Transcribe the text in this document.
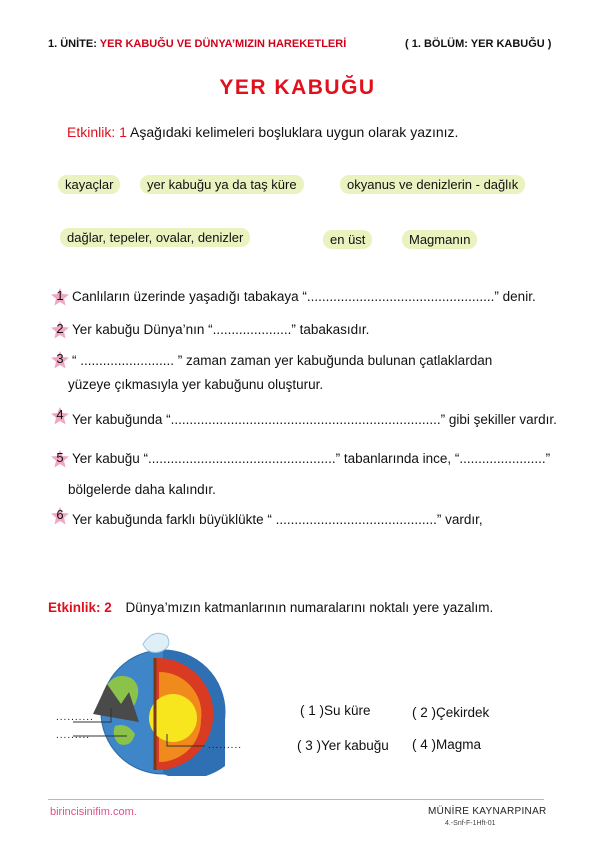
1. ÜNİTE: YER KABUĞU VE DÜNYA’MIZIN HAREKETLERİ	( 1. BÖLÜM: YER KABUĞU )
YER KABUĞU
Etkinlik: 1 Aşağıdaki kelimeleri boşluklara uygun olarak yazınız.
kayaçlar	yer kabuğu ya da taş küre	okyanus ve denizlerin - dağlık
dağlar, tepeler, ovalar, denizler	en üst	Magmanın
1 Canlıların üzerinde yaşadığı tabakaya “..................................................” denir.
2 Yer kabuğu Dünya’nın “.....................” tabakasıdır.
3 “ ......................... ” zaman zaman yer kabuğunda bulunan çatlaklardan
yüzeye çıkmasıyla yer kabuğunu oluşturur.
4 Yer kabuğunda “........................................................................” gibi şekiller vardır.
5 Yer kabuğu “..................................................” tabanlarında ince, “.......................”
bölgelerde daha kalındır.
6 Yer kabuğunda farklı büyüklükte “ ...........................................” vardır,
Etkinlik: 2 Dünya’mızın katmanlarının numaralarını noktalı yere yazalım.
..........
.........
.........
( 1 )Su küre	( 2 )Çekirdek
( 3 )Yer kabuğu ( 4 )Magma
birincisinifim.com.	MÜNİRE KAYNARPINAR
4.-Snf-F-1Hft-01
